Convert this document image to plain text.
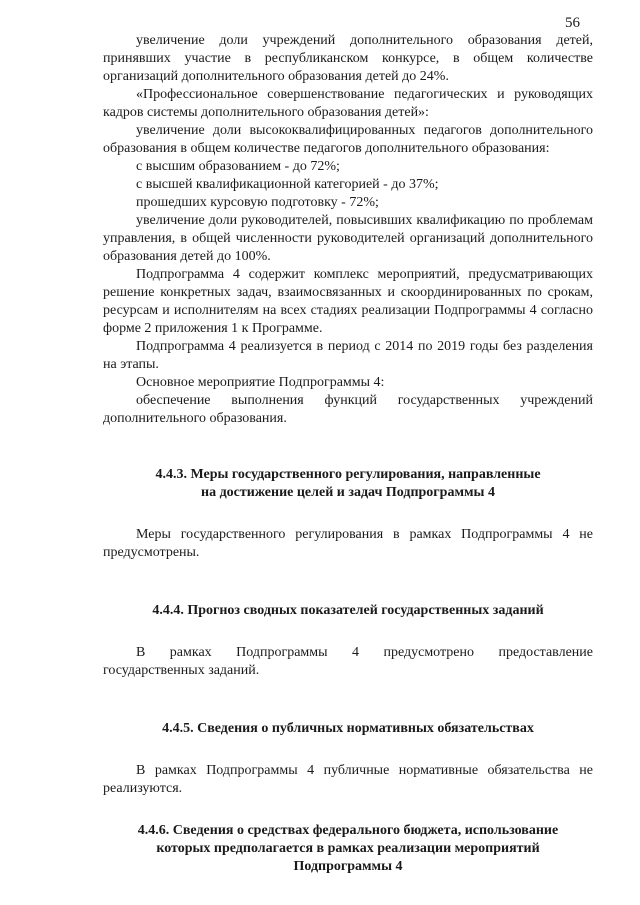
56

увеличение доли учреждений дополнительного образования детей, принявших участие в республиканском конкурсе, в общем количестве организаций дополнительного образования детей до 24%.

«Профессиональное совершенствование педагогических и руководящих кадров системы дополнительного образования детей»:

увеличение доли высококвалифицированных педагогов дополнительного образования в общем количестве педагогов дополнительного образования:

с высшим образованием - до 72%;

с высшей квалификационной категорией - до 37%;

прошедших курсовую подготовку - 72%;

увеличение доли руководителей, повысивших квалификацию по проблемам управления, в общей численности руководителей организаций дополнительного образования детей до 100%.

Подпрограмма 4 содержит комплекс мероприятий, предусматривающих решение конкретных задач, взаимосвязанных и скоординированных по срокам, ресурсам и исполнителям на всех стадиях реализации Подпрограммы 4 согласно форме 2 приложения 1 к Программе.

Подпрограмма 4 реализуется в период с 2014 по 2019 годы без разделения на этапы.

Основное мероприятие Подпрограммы 4:

обеспечение выполнения функций государственных учреждений дополнительного образования.

4.4.3. Меры государственного регулирования, направленные
на достижение целей и задач Подпрограммы 4

Меры государственного регулирования в рамках Подпрограммы 4 не предусмотрены.

4.4.4. Прогноз сводных показателей государственных заданий

В рамках Подпрограммы 4 предусмотрено предоставление государственных заданий.

4.4.5. Сведения о публичных нормативных обязательствах

В рамках Подпрограммы 4 публичные нормативные обязательства не реализуются.

4.4.6. Сведения о средствах федерального бюджета, использование
которых предполагается в рамках реализации мероприятий
Подпрограммы 4
